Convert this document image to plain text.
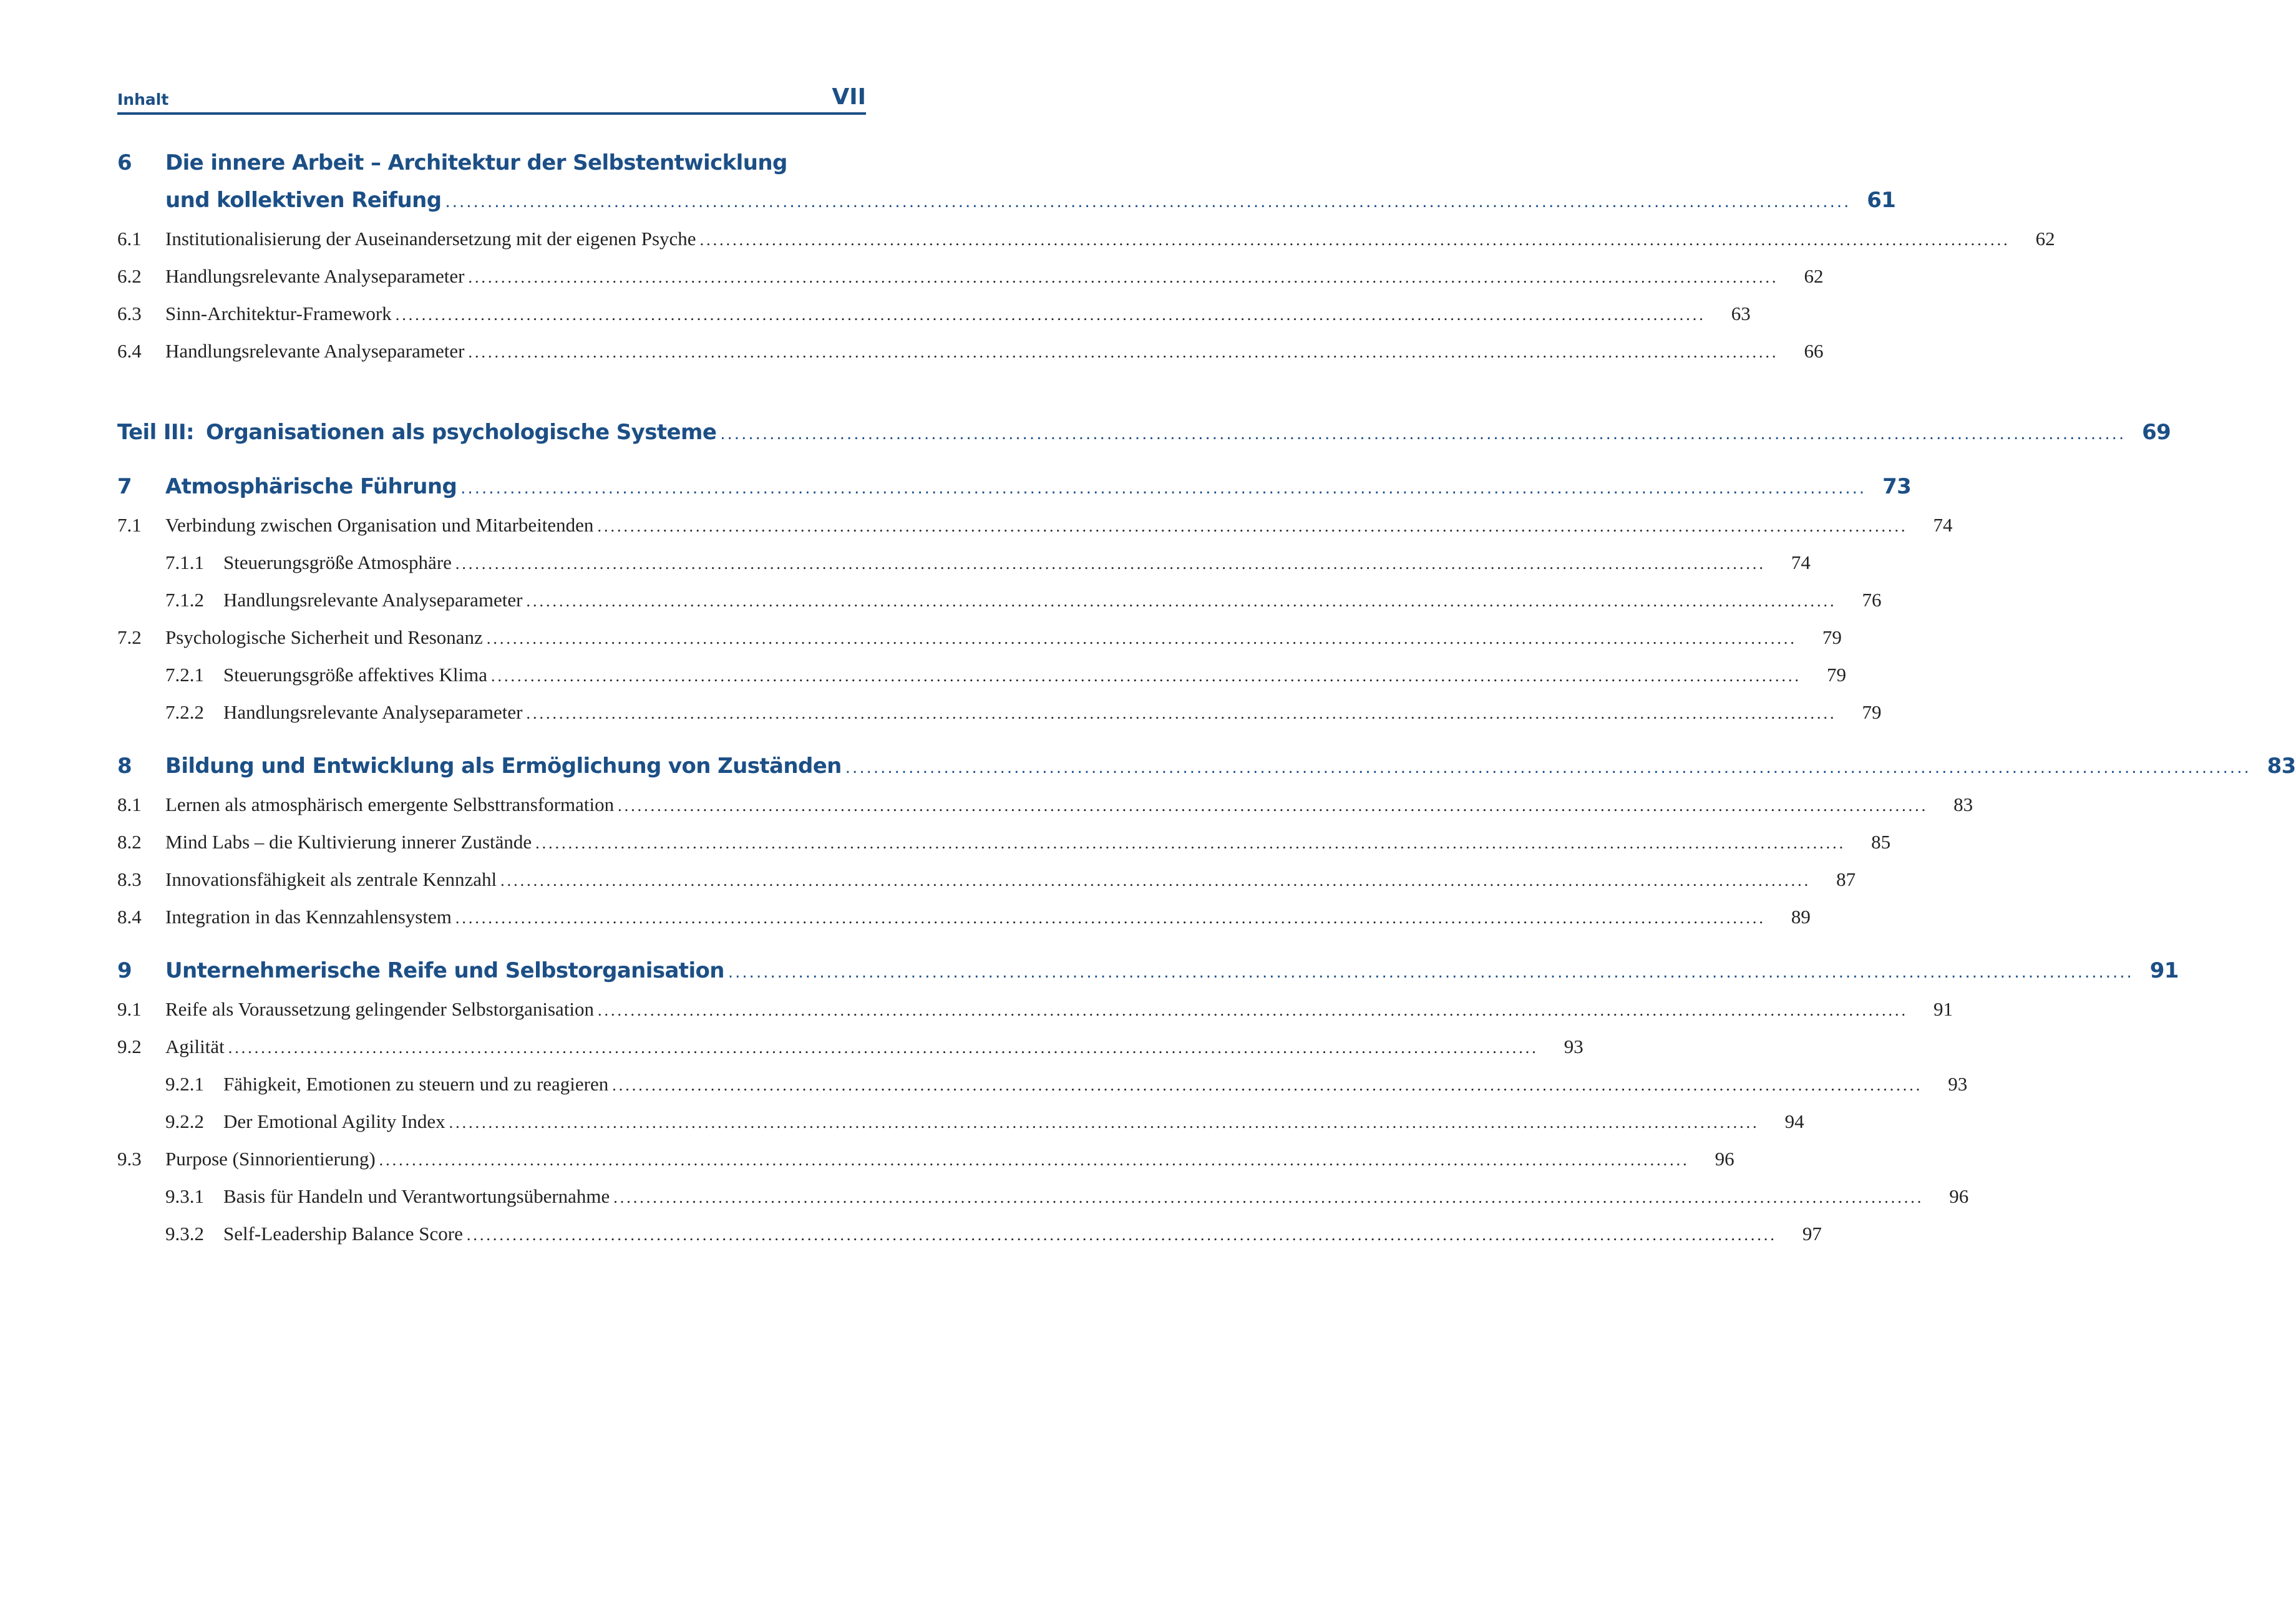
Inhalt	VII
6 Die innere Arbeit – Architektur der Selbstentwicklung
und kollektiven Reifung ........................................................................................................................................................................................................ 61
6.1 Institutionalisierung der Auseinandersetzung mit der eigenen Psyche ........................................................................................................................................................................................................	62
6.2 Handlungsrelevante Analyseparameter ........................................................................................................................................................................................................	62
6.3 Sinn-Architektur-Framework ........................................................................................................................................................................................................	63
6.4 Handlungsrelevante Analyseparameter ........................................................................................................................................................................................................	66
Teil III: Organisationen als psychologische Systeme ........................................................................................................................................................................................................ 69
7 Atmosphärische Führung ........................................................................................................................................................................................................ 73
7.1 Verbindung zwischen Organisation und Mitarbeitenden ........................................................................................................................................................................................................	74
7.1.1 Steuerungsgröße Atmosphäre ........................................................................................................................................................................................................	74
7.1.2 Handlungsrelevante Analyseparameter ........................................................................................................................................................................................................	76
7.2 Psychologische Sicherheit und Resonanz ........................................................................................................................................................................................................	79
7.2.1 Steuerungsgröße affektives Klima ........................................................................................................................................................................................................	79
7.2.2 Handlungsrelevante Analyseparameter ........................................................................................................................................................................................................	79
8 Bildung und Entwicklung als Ermöglichung von Zuständen ........................................................................................................................................................................................................ 83
8.1 Lernen als atmosphärisch emergente Selbsttransformation ........................................................................................................................................................................................................	83
8.2 Mind Labs – die Kultivierung innerer Zustände ........................................................................................................................................................................................................	85
8.3 Innovationsfähigkeit als zentrale Kennzahl ........................................................................................................................................................................................................	87
8.4 Integration in das Kennzahlensystem ........................................................................................................................................................................................................	89
9 Unternehmerische Reife und Selbstorganisation ........................................................................................................................................................................................................ 91
9.1 Reife als Voraussetzung gelingender Selbstorganisation ........................................................................................................................................................................................................	91
9.2 Agilität ........................................................................................................................................................................................................	93
9.2.1 Fähigkeit, Emotionen zu steuern und zu reagieren ........................................................................................................................................................................................................	93
9.2.2 Der Emotional Agility Index ........................................................................................................................................................................................................	94
9.3 Purpose (Sinnorientierung) ........................................................................................................................................................................................................	96
9.3.1 Basis für Handeln und Verantwortungsübernahme ........................................................................................................................................................................................................	96
9.3.2 Self-Leadership Balance Score ........................................................................................................................................................................................................	97
